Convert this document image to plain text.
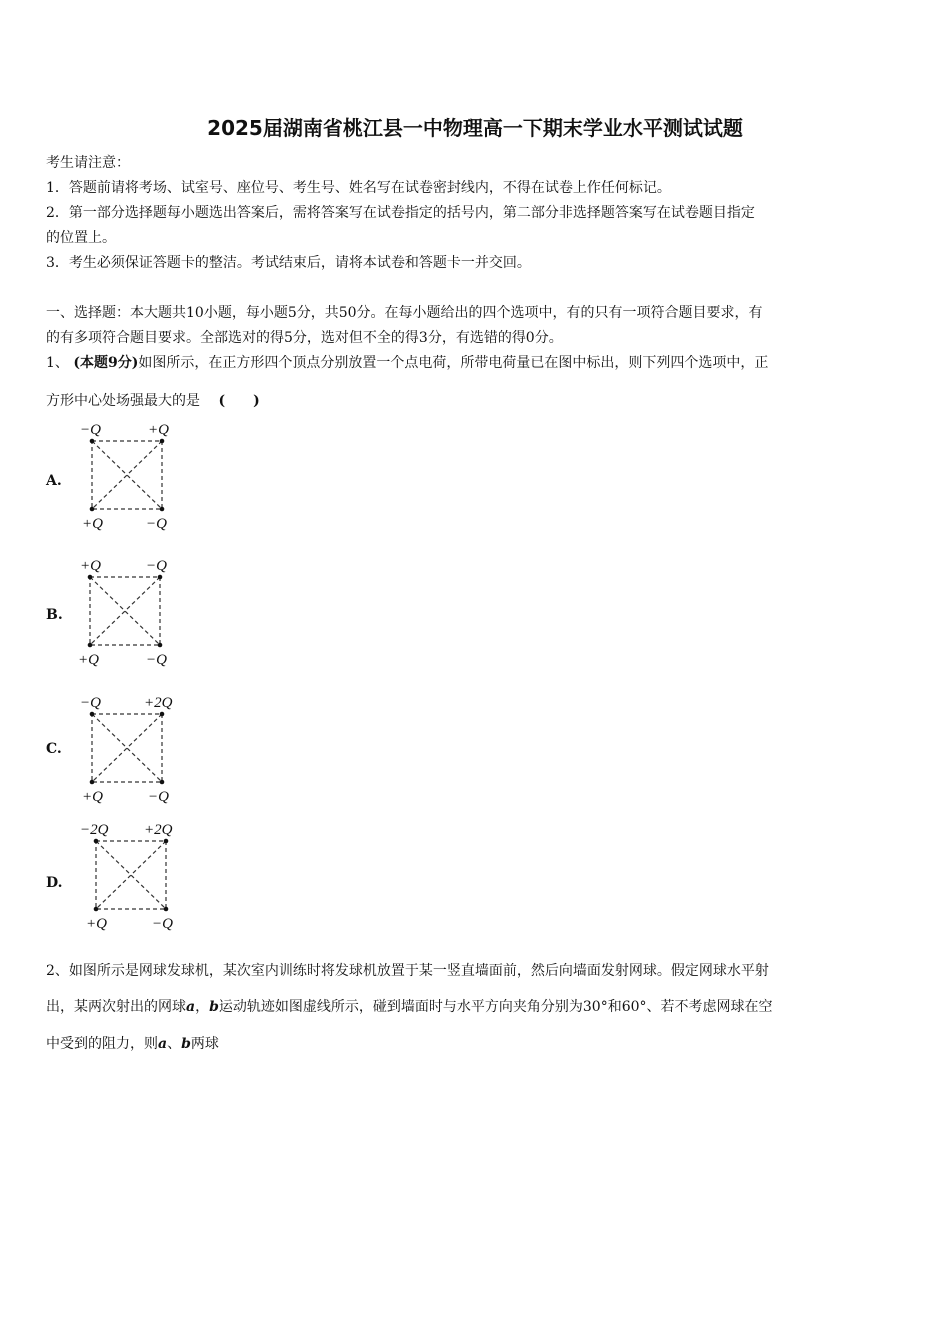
2025届湖南省桃江县一中物理高一下期末学业水平测试试题
考生请注意：
1．答题前请将考场、试室号、座位号、考生号、姓名写在试卷密封线内，不得在试卷上作任何标记。
2．第一部分选择题每小题选出答案后，需将答案写在试卷指定的括号内，第二部分非选择题答案写在试卷题目指定
的位置上。
3．考生必须保证答题卡的整洁。考试结束后，请将本试卷和答题卡一并交回。
一、选择题：本大题共10小题，每小题5分，共50分。在每小题给出的四个选项中，有的只有一项符合题目要求，有
的有多项符合题目要求。全部选对的得5分，选对但不全的得3分，有选错的得0分。
1、 (本题9分)如图所示，在正方形四个顶点分别放置一个点电荷，所带电荷量已在图中标出，则下列四个选项中，正
方形中心处场强最大的是 (　　)
A.
−Q	+Q
+Q	−Q
B.
+Q	−Q
+Q	−Q
C.
−Q	+2Q
+Q	−Q
D.
−2Q +2Q
+Q	−Q
2、如图所示是网球发球机，某次室内训练时将发球机放置于某一竖直墙面前，然后向墙面发射网球。假定网球水平射
出，某两次射出的网球a，b运动轨迹如图虚线所示，碰到墙面时与水平方向夹角分别为30°和60°、若不考虑网球在空
中受到的阻力，则a、b两球
